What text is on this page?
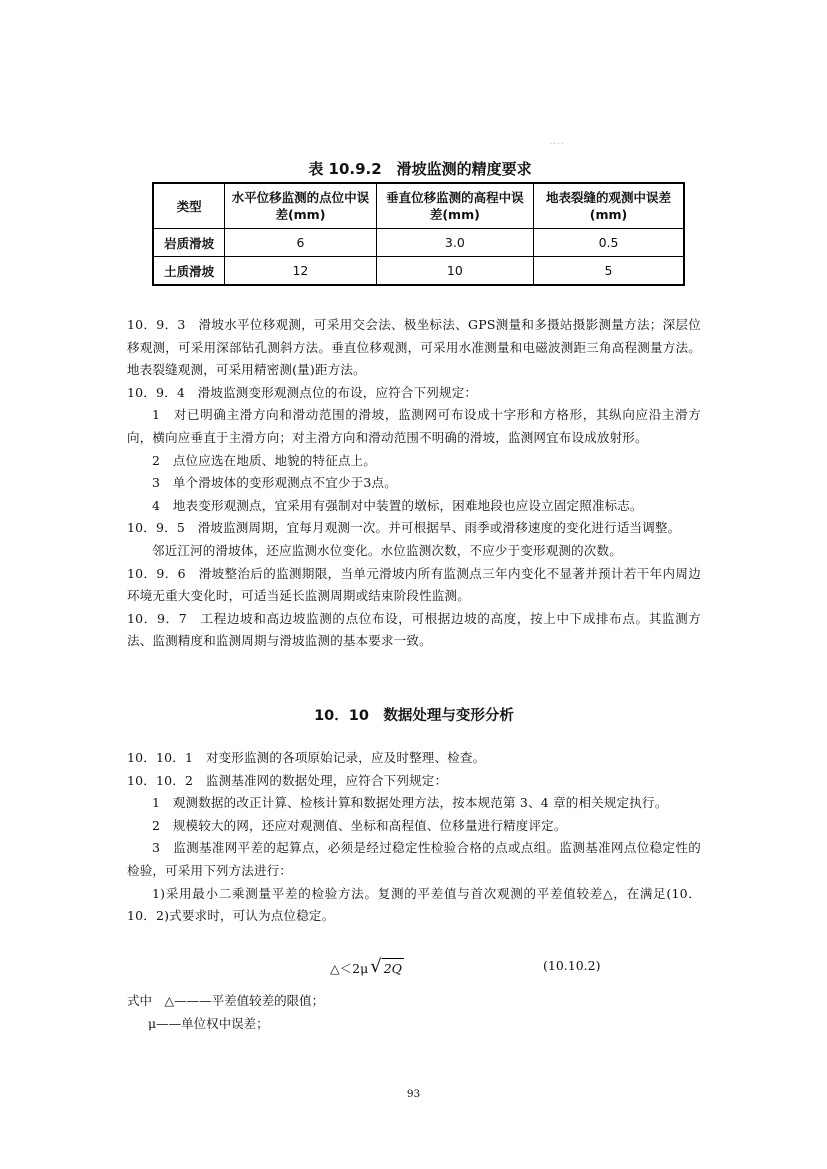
· · · ·
表 10.9.2　滑坡监测的精度要求
类型	水平位移监测的点位中误差(mm)	垂直位移监测的高程中误差(mm)	地表裂缝的观测中误差(mm)
岩质滑坡	6	3.0	0.5
土质滑坡	12	10	5

10．9．3　滑坡水平位移观测，可采用交会法、极坐标法、GPS测量和多摄站摄影测量方法；深层位移观测，可采用深部钻孔测斜方法。垂直位移观测，可采用水准测量和电磁波测距三角高程测量方法。地表裂缝观测，可采用精密测(量)距方法。

10．9．4　滑坡监测变形观测点位的布设，应符合下列规定：

1　对已明确主滑方向和滑动范围的滑坡，监测网可布设成十字形和方格形，其纵向应沿主滑方向，横向应垂直于主滑方向；对主滑方向和滑动范围不明确的滑坡，监测网宜布设成放射形。

2　点位应选在地质、地貌的特征点上。

3　单个滑坡体的变形观测点不宜少于3点。

4　地表变形观测点，宜采用有强制对中装置的墩标，困难地段也应设立固定照准标志。

10．9．5　滑坡监测周期，宜每月观测一次。并可根据旱、雨季或滑移速度的变化进行适当调整。

邻近江河的滑坡体，还应监测水位变化。水位监测次数，不应少于变形观测的次数。

10．9．6　滑坡整治后的监测期限，当单元滑坡内所有监测点三年内变化不显著并预计若干年内周边环境无重大变化时，可适当延长监测周期或结束阶段性监测。

10．9．7　工程边坡和高边坡监测的点位布设，可根据边坡的高度，按上中下成排布点。其监测方法、监测精度和监测周期与滑坡监测的基本要求一致。

10．10　数据处理与变形分析

10．10．1　对变形监测的各项原始记录，应及时整理、检查。

10．10．2　监测基准网的数据处理，应符合下列规定：

1　观测数据的改正计算、检核计算和数据处理方法，按本规范第 3、4 章的相关规定执行。

2　规模较大的网，还应对观测值、坐标和高程值、位移量进行精度评定。

3　监测基准网平差的起算点，必须是经过稳定性检验合格的点或点组。监测基准网点位稳定性的检验，可采用下列方法进行：

1)采用最小二乘测量平差的检验方法。复测的平差值与首次观测的平差值较差△，在满足(10．10．2)式要求时，可认为点位稳定。

△＜2μ √ 2Q	(10.10.2)

式中　△———平差值较差的限值；

μ——单位权中误差；

93
